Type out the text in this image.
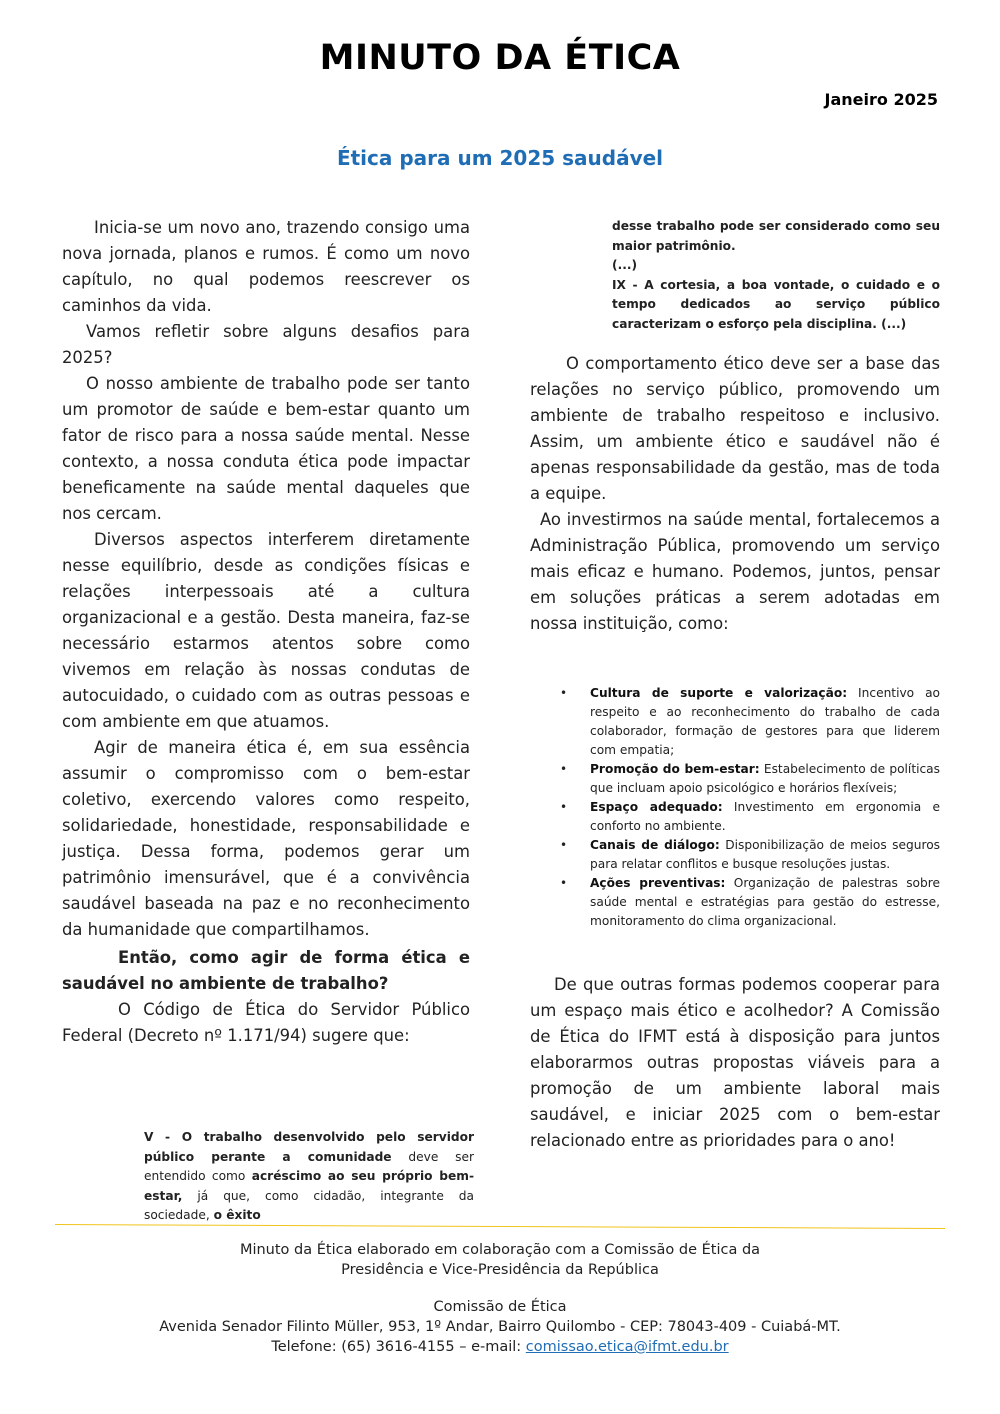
MINUTO DA ÉTICA
Janeiro 2025
Ética para um 2025 saudável

Inicia-se um novo ano, trazendo consigo uma nova jornada, planos e rumos. É como um novo capítulo, no qual podemos reescrever os caminhos da vida.

Vamos refletir sobre alguns desafios para 2025?

O nosso ambiente de trabalho pode ser tanto um promotor de saúde e bem-estar quanto um fator de risco para a nossa saúde mental. Nesse contexto, a nossa conduta ética pode impactar beneficamente na saúde mental daqueles que nos cercam.

Diversos aspectos interferem diretamente nesse equilíbrio, desde as condições físicas e relações interpessoais até a cultura organizacional e a gestão. Desta maneira, faz-se necessário estarmos atentos sobre como vivemos em relação às nossas condutas de autocuidado, o cuidado com as outras pessoas e com ambiente em que atuamos.

Agir de maneira ética é, em sua essência assumir o compromisso com o bem-estar coletivo, exercendo valores como respeito, solidariedade, honestidade, responsabilidade e justiça. Dessa forma, podemos gerar um patrimônio imensurável, que é a convivência saudável baseada na paz e no reconhecimento da humanidade que compartilhamos.

Então, como agir de forma ética e saudável no ambiente de trabalho?

O Código de Ética do Servidor Público Federal (Decreto nº 1.171/94) sugere que:

V - O trabalho desenvolvido pelo servidor público perante a comunidade deve ser entendido como acréscimo ao seu próprio bem-estar, já que, como cidadão, integrante da sociedade, o êxito

desse trabalho pode ser considerado como seu maior patrimônio.

(...)

IX - A cortesia, a boa vontade, o cuidado e o tempo dedicados ao serviço público caracterizam o esforço pela disciplina. (...)

O comportamento ético deve ser a base das relações no serviço público, promovendo um ambiente de trabalho respeitoso e inclusivo. Assim, um ambiente ético e saudável não é apenas responsabilidade da gestão, mas de toda a equipe.

Ao investirmos na saúde mental, fortalecemos a Administração Pública, promovendo um serviço mais eficaz e humano. Podemos, juntos, pensar em soluções práticas a serem adotadas em nossa instituição, como:

• Cultura de suporte e valorização: Incentivo ao respeito e ao reconhecimento do trabalho de cada colaborador, formação de gestores para que liderem com empatia;
• Promoção do bem-estar: Estabelecimento de políticas que incluam apoio psicológico e horários flexíveis;
• Espaço adequado: Investimento em ergonomia e conforto no ambiente.
• Canais de diálogo: Disponibilização de meios seguros para relatar conflitos e busque resoluções justas.
• Ações preventivas: Organização de palestras sobre saúde mental e estratégias para gestão do estresse, monitoramento do clima organizacional.

De que outras formas podemos cooperar para um espaço mais ético e acolhedor? A Comissão de Ética do IFMT está à disposição para juntos elaborarmos outras propostas viáveis para a promoção de um ambiente laboral mais saudável, e iniciar 2025 com o bem-estar relacionado entre as prioridades para o ano!

Minuto da Ética elaborado em colaboração com a Comissão de Ética da
Presidência e Vice-Presidência da República
Comissão de Ética
Avenida Senador Filinto Müller, 953, 1º Andar, Bairro Quilombo - CEP: 78043-409 - Cuiabá-MT.
Telefone: (65) 3616-4155 – e-mail: comissao.etica@ifmt.edu.br
